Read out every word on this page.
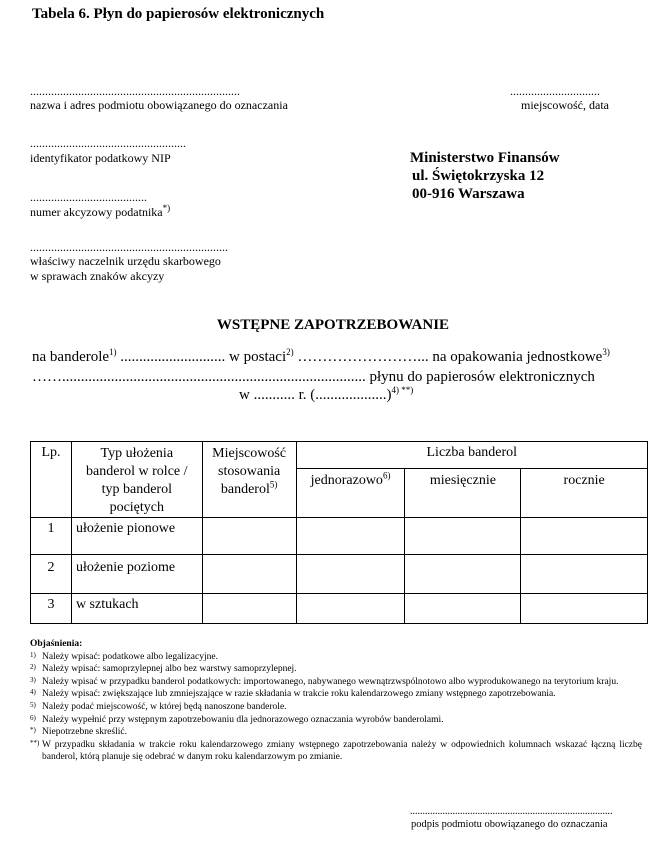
Tabela 6. Płyn do papierosów elektronicznych
......................................................................
nazwa i adres podmiotu obowiązanego do oznaczania
..............................
miejscowość, data
....................................................
identyfikator podatkowy NIP
.......................................
numer akcyzowy podatnika*)
..................................................................
właściwy naczelnik urzędu skarbowego
w sprawach znaków akcyzy
Ministerstwo Finansów
ul. Świętokrzyska 12
00-916 Warszawa
WSTĘPNE ZAPOTRZEBOWANIE
na banderole$^{1)}$ ............................ w postaci$^{2)}$ ……………………... na opakowania jednostkowe$^{3)}$
……................................................................................. płynu do papierosów elektronicznych
w ........... r. (...................)$^{4) **)}$
Lp.	Typ ułożenia banderol w rolce / typ banderol pociętych	Miejscowość stosowania banderol$^{5)}$	Liczba banderol		
			jednorazowo$^{6)}$	miesięcznie	rocznie
1	ułożenie pionowe				
2	ułożenie poziome				
3	w sztukach				
Objaśnienia:
1) Należy wpisać: podatkowe albo legalizacyjne.
2) Należy wpisać: samoprzylepnej albo bez warstwy samoprzylepnej.
3) Należy wpisać w przypadku banderol podatkowych: importowanego, nabywanego wewnątrzwspólnotowo albo wyprodukowanego na terytorium kraju.
4) Należy wpisać: zwiększające lub zmniejszające w razie składania w trakcie roku kalendarzowego zmiany wstępnego zapotrzebowania.
5) Należy podać miejscowość, w której będą nanoszone banderole.
6) Należy wypełnić przy wstępnym zapotrzebowaniu dla jednorazowego oznaczania wyrobów banderolami.
*) Niepotrzebne skreślić.
**) W przypadku składania w trakcie roku kalendarzowego zmiany wstępnego zapotrzebowania należy w odpowiednich kolumnach wskazać łączną liczbę banderol, którą planuje się odebrać w danym roku kalendarzowym po zmianie.
.................................................................................
podpis podmiotu obowiązanego do oznaczania
